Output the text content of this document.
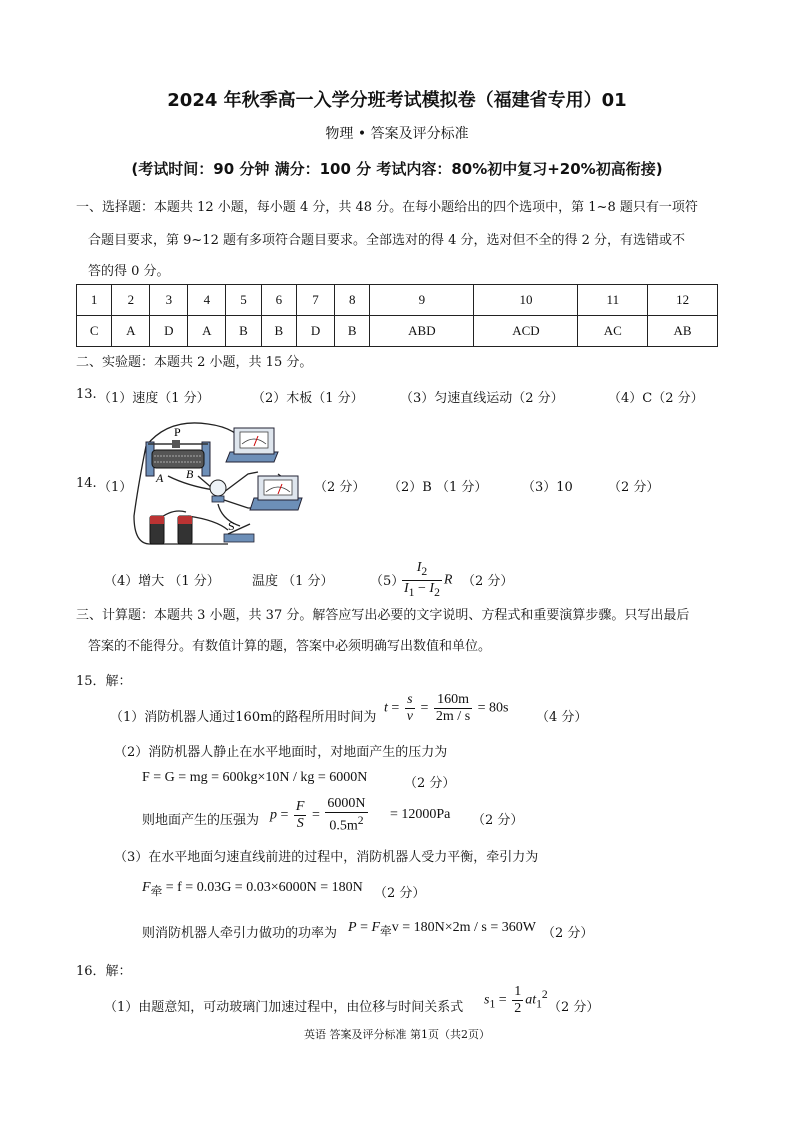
2024 年秋季高一入学分班考试模拟卷（福建省专用）01
物理 • 答案及评分标准
(考试时间：90 分钟 满分：100 分 考试内容：80%初中复习+20%初高衔接)
一、选择题：本题共 12 小题，每小题 4 分，共 48 分。在每小题给出的四个选项中，第 1~8 题只有一项符
合题目要求，第 9~12 题有多项符合题目要求。全部选对的得 4 分，选对但不全的得 2 分，有选错或不
答的得 0 分。
1	2	3	4	5	6	7	8	9	10	11	12
C	A	D	A	B	B	D	B	ABD	ACD	AC	AB
二、实验题：本题共 2 小题，共 15 分。
13. （1）速度（1 分）	（2）木板（1 分）	（3）匀速直线运动（2 分）	（4）C（2 分）
14. （1）
P
A B
S
（2 分） （2）B （1 分）	（3）10	（2 分）
（4）增大 （1 分） 温度 （1 分）	（5）
$\frac{I_2}{I_1 - I_2}$ R （2 分）
三、计算题：本题共 3 小题，共 37 分。解答应写出必要的文字说明、方程式和重要演算步骤。只写出最后
答案的不能得分。有数值计算的题，答案中必须明确写出数值和单位。
15．解：
（1）消防机器人通过160m的路程所用时间为
$t = \frac{s}{v} = \frac{160m}{2m / s} = 80s$
（4 分）
（2）消防机器人静止在水平地面时，对地面产生的压力为
F = G = mg = 600kg×10N / kg = 6000N	（2 分）
则地面产生的压强为 $p = \frac{F}{S} = \frac{6000N}{0.5m^2} = 12000Pa$ （2 分）
（3）在水平地面匀速直线前进的过程中，消防机器人受力平衡，牵引力为
$F_牵 = f = 0.03G = 0.03\times 6000N = 180N$ （2 分）
则消防机器人牵引力做功的功率为 $P = F_牵v = 180N\times 2m / s = 360W$ （2 分）
16．解：
（1）由题意知，可动玻璃门加速过程中，由位移与时间关系式 $s_1 = \frac{1}{2} at_1^2$
（2 分）
英语 答案及评分标准 第1页（共2页）
